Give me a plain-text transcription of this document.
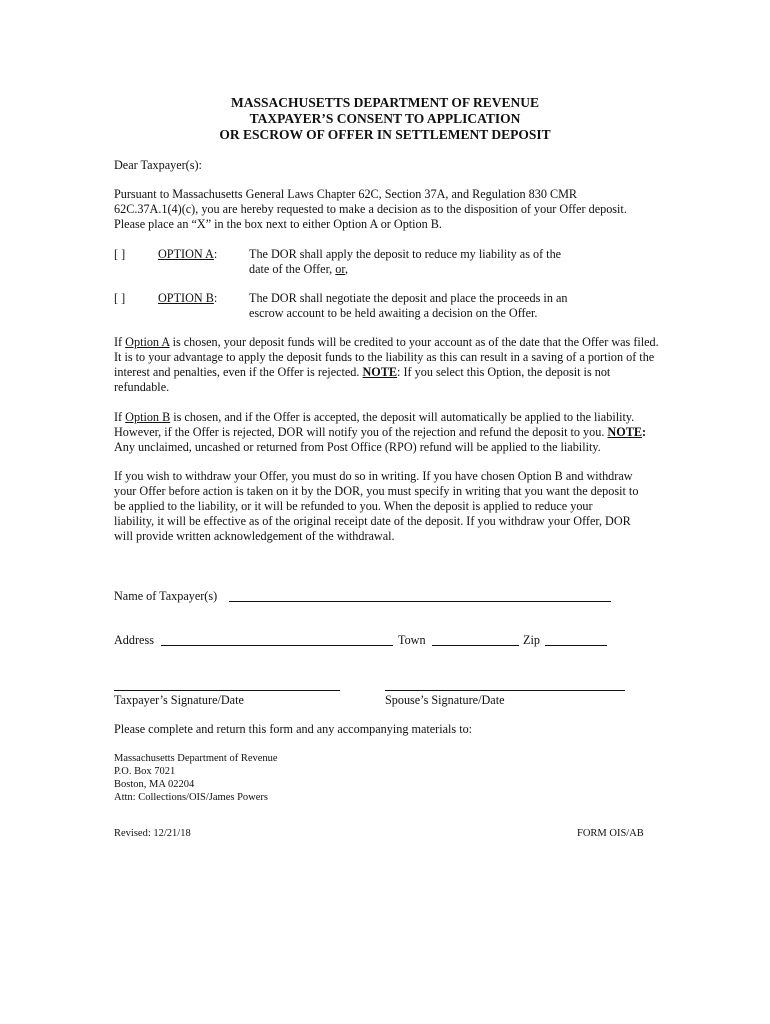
MASSACHUSETTS DEPARTMENT OF REVENUE
TAXPAYER’S CONSENT TO APPLICATION
OR ESCROW OF OFFER IN SETTLEMENT DEPOSIT
Dear Taxpayer(s):
Pursuant to Massachusetts General Laws Chapter 62C, Section 37A, and Regulation 830 CMR
62C.37A.1(4)(c), you are hereby requested to make a decision as to the disposition of your Offer deposit.
Please place an “X” in the box next to either Option A or Option B.
[ ]	OPTION A:	The DOR shall apply the deposit to reduce my liability as of the
date of the Offer, or,
[ ]	OPTION B:	The DOR shall negotiate the deposit and place the proceeds in an
escrow account to be held awaiting a decision on the Offer.
If Option A is chosen, your deposit funds will be credited to your account as of the date that the Offer was filed.
It is to your advantage to apply the deposit funds to the liability as this can result in a saving of a portion of the
interest and penalties, even if the Offer is rejected. NOTE: If you select this Option, the deposit is not
refundable.
If Option B is chosen, and if the Offer is accepted, the deposit will automatically be applied to the liability.
However, if the Offer is rejected, DOR will notify you of the rejection and refund the deposit to you. NOTE:
Any unclaimed, uncashed or returned from Post Office (RPO) refund will be applied to the liability.
If you wish to withdraw your Offer, you must do so in writing. If you have chosen Option B and withdraw
your Offer before action is taken on it by the DOR, you must specify in writing that you want the deposit to
be applied to the liability, or it will be refunded to you. When the deposit is applied to reduce your
liability, it will be effective as of the original receipt date of the deposit. If you withdraw your Offer, DOR
will provide written acknowledgement of the withdrawal.
Name of Taxpayer(s)
Address	Town	Zip
Taxpayer’s Signature/Date	Spouse’s Signature/Date
Please complete and return this form and any accompanying materials to:
Massachusetts Department of Revenue
P.O. Box 7021
Boston, MA 02204
Attn: Collections/OIS/James Powers
Revised: 12/21/18	FORM OIS/AB
